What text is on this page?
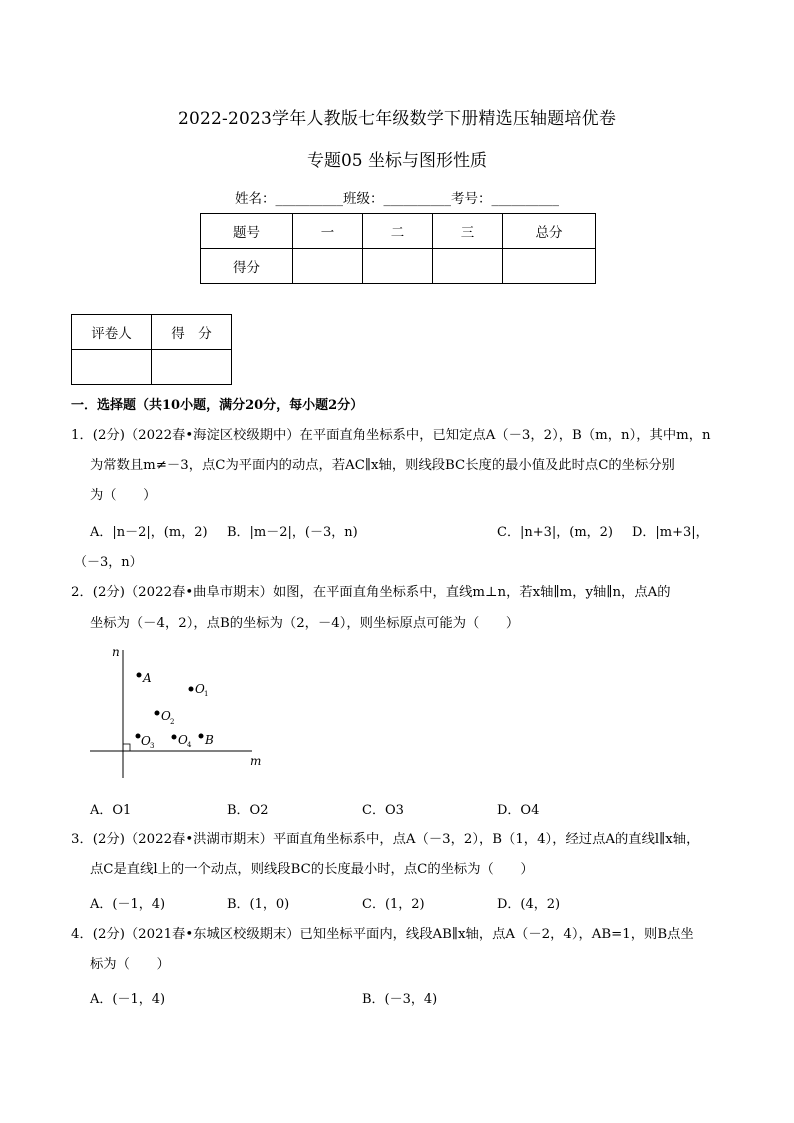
2022-2023学年人教版七年级数学下册精选压轴题培优卷
专题05 坐标与图形性质
姓名：__________班级：__________考号：__________
题号	一	二	三	总分
得分				
评卷人	得　分

一．选择题（共10小题，满分20分，每小题2分）
1．(2分)（2022春•海淀区校级期中）在平面直角坐标系中，已知定点A（－3，2），B（m，n），其中m，n
为常数且m≠－3，点C为平面内的动点，若AC∥x轴，则线段BC长度的最小值及此时点C的坐标分别
为（　　）
A．|n－2|，(m，2) B．|m－2|，(－3，n)	C．|n+3|，(m，2) D．|m+3|，
（－3，n）
2．(2分)（2022春•曲阜市期末）如图，在平面直角坐标系中，直线m⊥n，若x轴∥m，y轴∥n，点A的
坐标为（－4，2），点B的坐标为（2，－4），则坐标原点可能为（　　）
n
m
A
O 1
O 2
O 3 O 4 B
A．O1	B．O2	C．O3	D．O4
3．(2分)（2022春•洪湖市期末）平面直角坐标系中，点A（－3，2），B（1，4），经过点A的直线l∥x轴，
点C是直线l上的一个动点，则线段BC的长度最小时，点C的坐标为（　　）
A．(－1，4)	B．(1，0)	C．(1，2)	D．(4，2)
4．(2分)（2021春•东城区校级期末）已知坐标平面内，线段AB∥x轴，点A（－2，4），AB=1，则B点坐
标为（　　）
A．(－1，4)	B．(－3，4)
